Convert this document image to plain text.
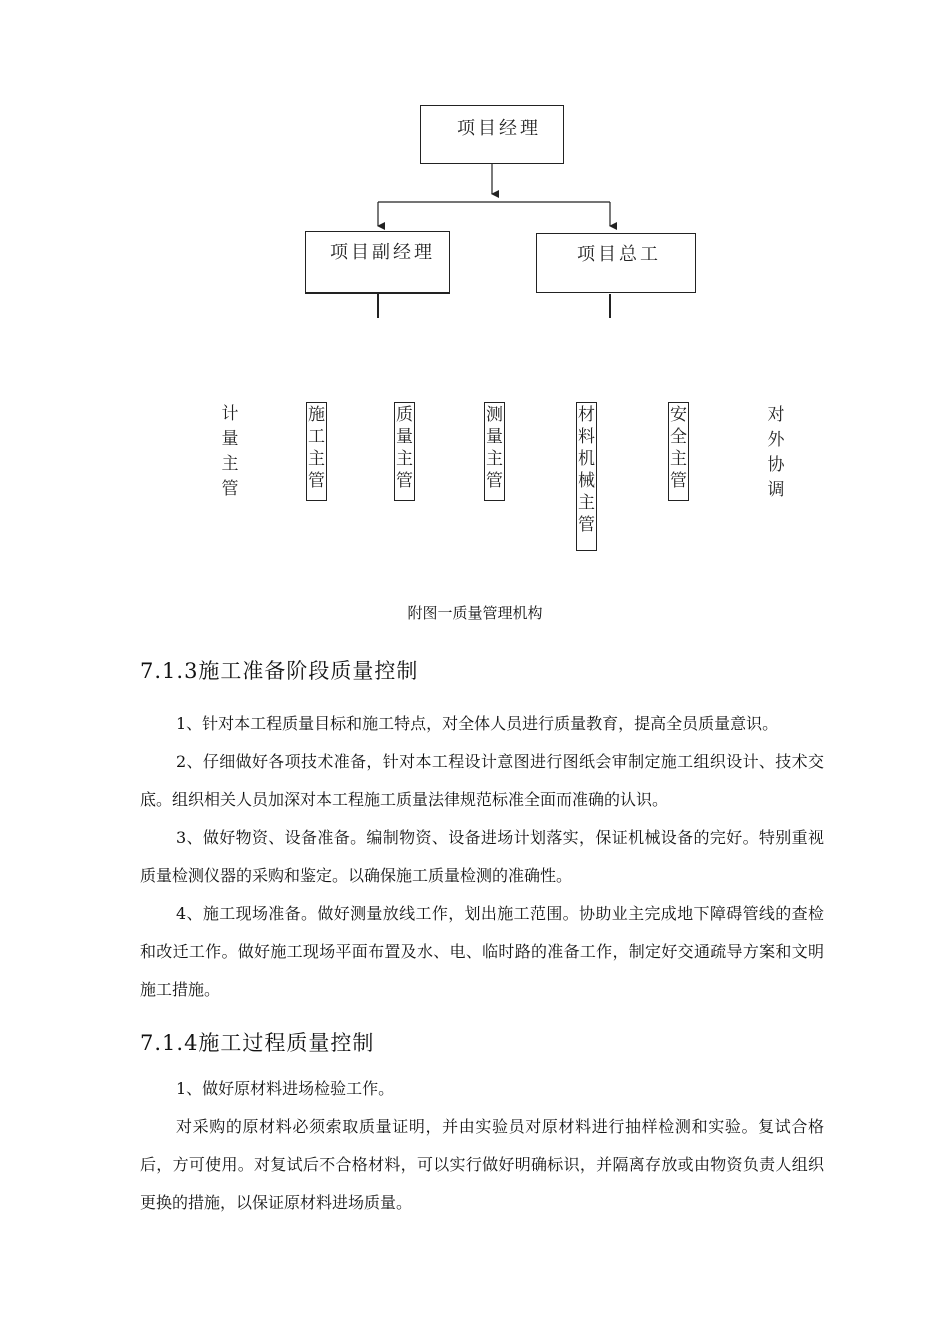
项目经理
项目副经理	项目总工
计量主管
施工主管
质量主管
测量主管
材料机械主管
安全主管
对外协调
附图一质量管理机构
7.1.3施工准备阶段质量控制

1、针对本工程质量目标和施工特点，对全体人员进行质量教育，提高全员质量意识。

2、仔细做好各项技术准备，针对本工程设计意图进行图纸会审制定施工组织设计、技术交底。组织相关人员加深对本工程施工质量法律规范标准全面而准确的认识。

3、做好物资、设备准备。编制物资、设备进场计划落实，保证机械设备的完好。特别重视质量检测仪器的采购和鉴定。以确保施工质量检测的准确性。

4、施工现场准备。做好测量放线工作，划出施工范围。协助业主完成地下障碍管线的查检和改迁工作。做好施工现场平面布置及水、电、临时路的准备工作，制定好交通疏导方案和文明施工措施。

7.1.4施工过程质量控制

1、做好原材料进场检验工作。

对采购的原材料必须索取质量证明，并由实验员对原材料进行抽样检测和实验。复试合格后，方可使用。对复试后不合格材料，可以实行做好明确标识，并隔离存放或由物资负责人组织更换的措施，以保证原材料进场质量。
